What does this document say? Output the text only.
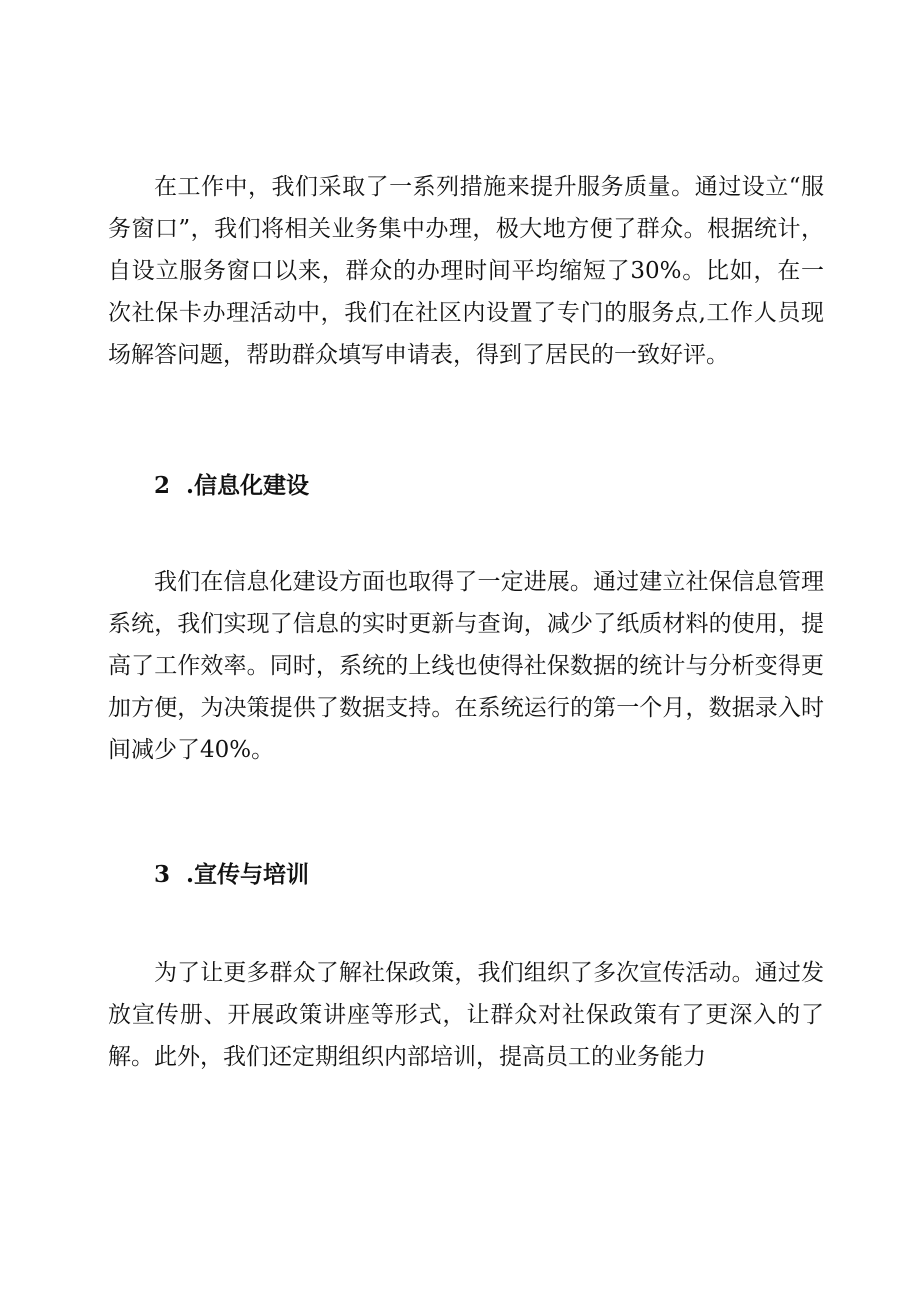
在工作中，我们采取了一系列措施来提升服务质量。通过设立“服务窗口”，我们将相关业务集中办理，极大地方便了群众。根据统计，自设立服务窗口以来，群众的办理时间平均缩短了30%。比如，在一次社保卡办理活动中，我们在社区内设置了专门的服务点,工作人员现场解答问题，帮助群众填写申请表，得到了居民的一致好评。

2 .信息化建设

我们在信息化建设方面也取得了一定进展。通过建立社保信息管理系统，我们实现了信息的实时更新与查询，减少了纸质材料的使用，提高了工作效率。同时，系统的上线也使得社保数据的统计与分析变得更加方便，为决策提供了数据支持。在系统运行的第一个月，数据录入时间减少了40%。

3 .宣传与培训

为了让更多群众了解社保政策，我们组织了多次宣传活动。通过发放宣传册、开展政策讲座等形式，让群众对社保政策有了更深入的了解。此外，我们还定期组织内部培训，提高员工的业务能力
